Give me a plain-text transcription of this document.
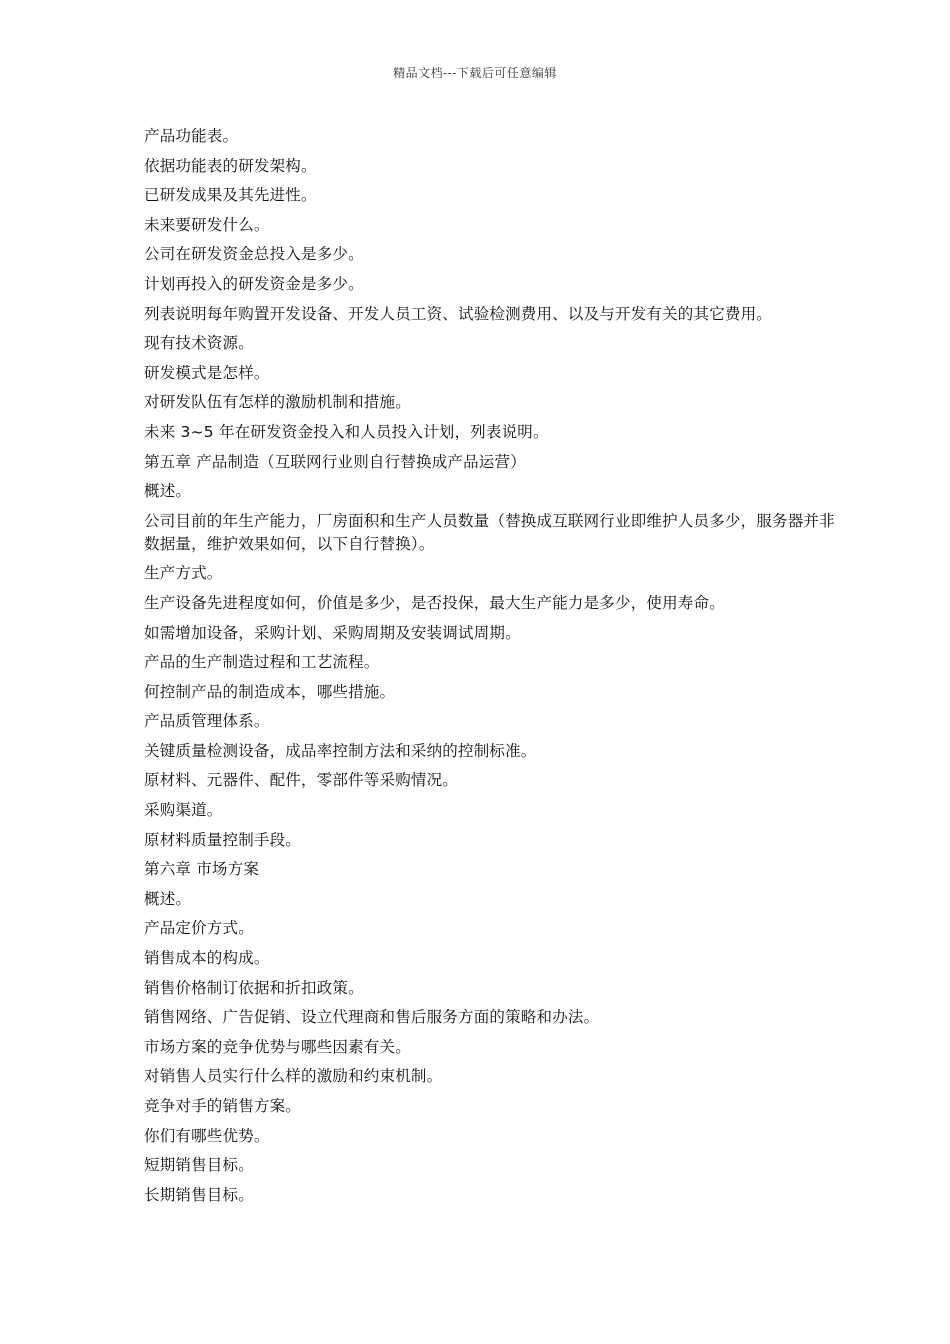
精品文档---下载后可任意编辑
产品功能表。
依据功能表的研发架构。
已研发成果及其先进性。
未来要研发什么。
公司在研发资金总投入是多少。
计划再投入的研发资金是多少。
列表说明每年购置开发设备、开发人员工资、试验检测费用、以及与开发有关的其它费用。
现有技术资源。
研发模式是怎样。
对研发队伍有怎样的激励机制和措施。
未来 3~5 年在研发资金投入和人员投入计划，列表说明。
第五章 产品制造（互联网行业则自行替换成产品运营）
概述。
公司目前的年生产能力，厂房面积和生产人员数量（替换成互联网行业即维护人员多少，服务器并非数据量，维护效果如何，以下自行替换）。
生产方式。
生产设备先进程度如何，价值是多少，是否投保，最大生产能力是多少，使用寿命。
如需增加设备，采购计划、采购周期及安装调试周期。
产品的生产制造过程和工艺流程。
何控制产品的制造成本，哪些措施。
产品质管理体系。
关键质量检测设备，成品率控制方法和采纳的控制标准。
原材料、元器件、配件，零部件等采购情况。
采购渠道。
原材料质量控制手段。
第六章 市场方案
概述。
产品定价方式。
销售成本的构成。
销售价格制订依据和折扣政策。
销售网络、广告促销、设立代理商和售后服务方面的策略和办法。
市场方案的竞争优势与哪些因素有关。
对销售人员实行什么样的激励和约束机制。
竞争对手的销售方案。
你们有哪些优势。
短期销售目标。
长期销售目标。
